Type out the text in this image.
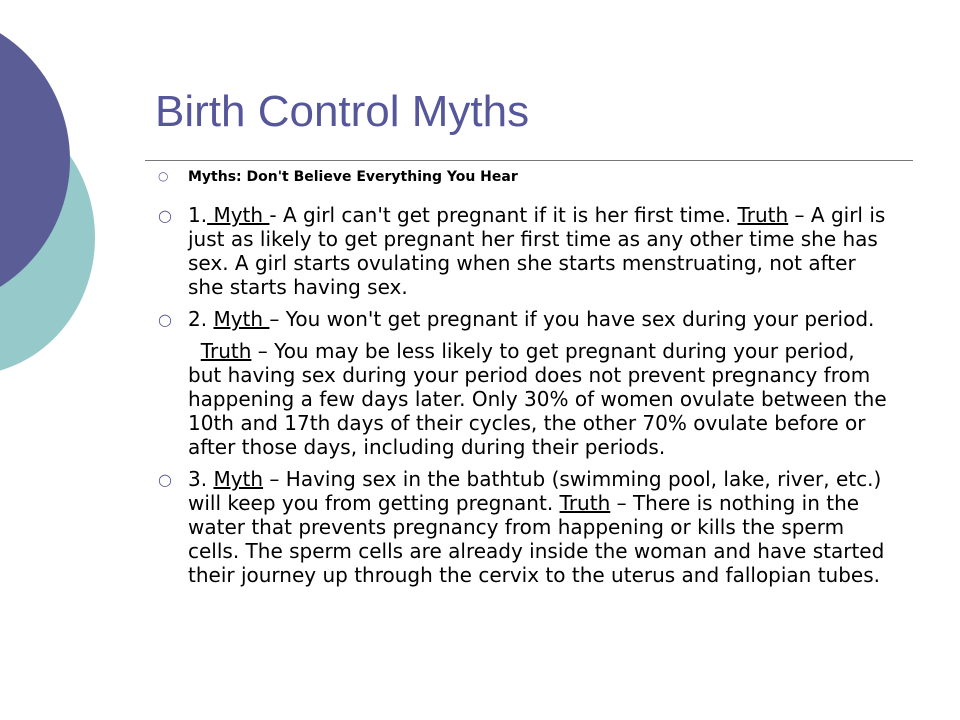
Birth Control Myths
○ Myths: Don't Believe Everything You Hear
○ 1. Myth - A girl can't get pregnant if it is her first time. Truth – A girl is just as likely to get pregnant her first time as any other time she has sex. A girl starts ovulating when she starts menstruating, not after she starts having sex.
○ 2. Myth – You won't get pregnant if you have sex during your period.
Truth – You may be less likely to get pregnant during your period, but having sex during your period does not prevent pregnancy from happening a few days later. Only 30% of women ovulate between the 10th and 17th days of their cycles, the other 70% ovulate before or after those days, including during their periods.
○ 3. Myth – Having sex in the bathtub (swimming pool, lake, river, etc.) will keep you from getting pregnant. Truth – There is nothing in the water that prevents pregnancy from happening or kills the sperm cells. The sperm cells are already inside the woman and have started their journey up through the cervix to the uterus and fallopian tubes.
